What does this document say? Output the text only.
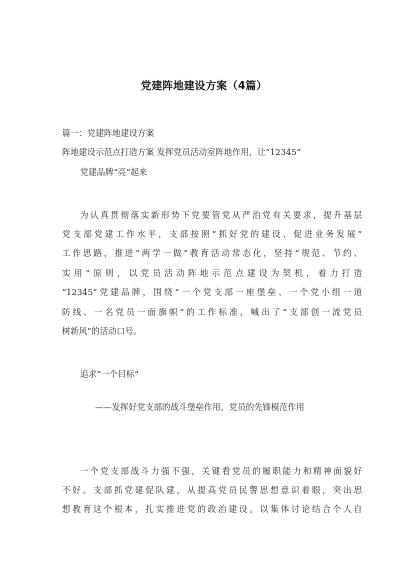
党建阵地建设方案（4篇）
篇一：党建阵地建设方案
阵地建设示范点打造方案 发挥党员活动室阵地作用，让“12345”
党建品牌“亮”起来
为认真贯彻落实新形势下党要管党从严治党有关要求，提升基层
党支部党建工作水平，支部按照“抓好党的建设、促进业务发展”
工作思路，推进“两学一做”教育活动常态化，坚持“规范、节约、
实用”原则，以党员活动阵地示范点建设为契机，着力打造
“12345”党建品牌，围绕“一个党支部一座堡垒、一个党小组一道
防线、一名党员一面旗帜”的工作标准，喊出了“支部创一流党员
树新风”的活动口号。
追求“一个目标”
——发挥好党支部的战斗堡垒作用，党员的先锋模范作用
一个党支部战斗力强不强，关键看党员的履职能力和精神面貌好
不好。支部抓党建促队建，从提高党员民警思想意识着眼，突出思
想教育这个根本，扎实推进党的政治建设。以集体讨论结合个人自
